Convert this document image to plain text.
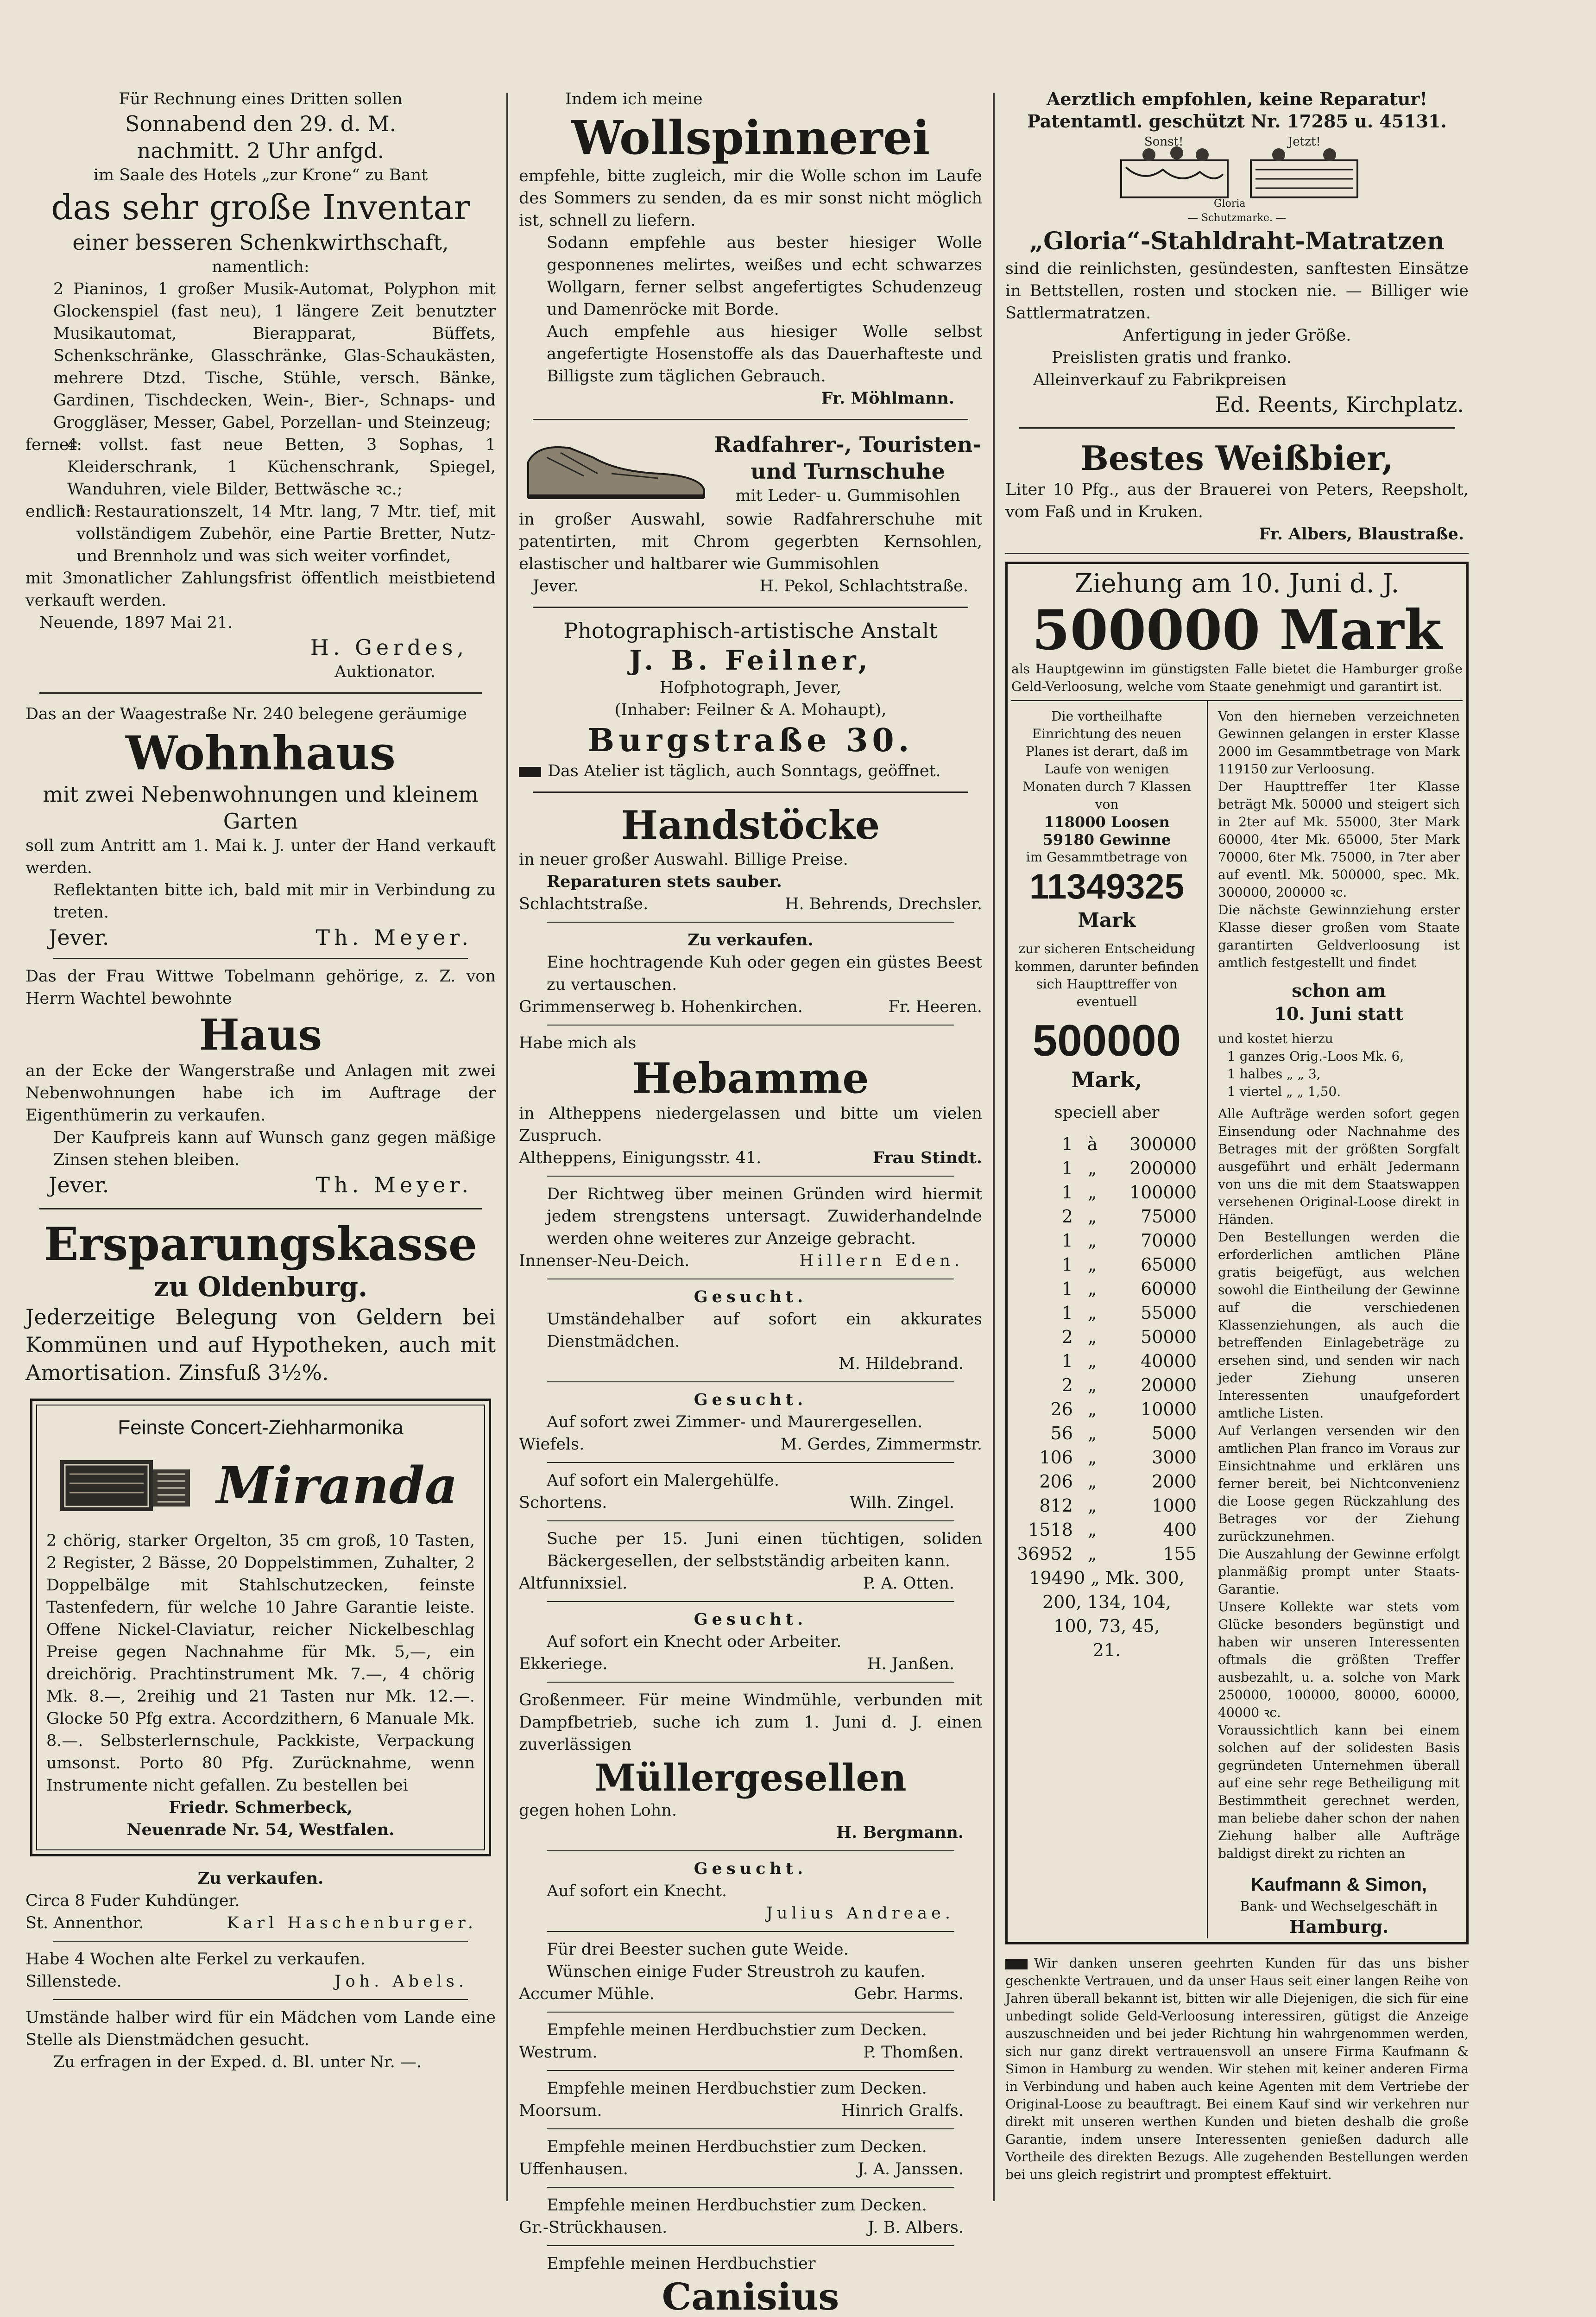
Für Rechnung eines Dritten sollen

Sonnabend den 29. d. M.

nachmitt. 2 Uhr anfgd.

im Saale des Hotels „zur Krone“ zu Bant

das sehr große Inventar

einer besseren Schenkwirthschaft,

namentlich:

2 Pianinos, 1 großer Musik-Automat, Polyphon mit Glockenspiel (fast neu), 1 längere Zeit benutzter Musikautomat, Bierapparat, Büffets, Schenkschränke, Glasschränke, Glas-Schaukästen, mehrere Dtzd. Tische, Stühle, versch. Bänke, Gardinen, Tischdecken, Wein-, Bier-, Schnaps- und Groggläser, Messer, Gabel, Porzellan- und Steinzeug;

ferner:

4 vollst. fast neue Betten, 3 Sophas, 1 Kleiderschrank, 1 Küchenschrank, Spiegel, Wanduhren, viele Bilder, Bettwäsche ꝛc.;

endlich:

1 Restaurationszelt, 14 Mtr. lang, 7 Mtr. tief, mit vollständigem Zubehör, eine Partie Bretter, Nutz- und Brennholz und was sich weiter vorfindet,

mit 3monatlicher Zahlungsfrist öffentlich meistbietend verkauft werden.

Neuende, 1897 Mai 21.

H. Gerdes,

Auktionator.

Das an der Waagestraße Nr. 240 belegene geräumige

Wohnhaus

mit zwei Nebenwohnungen und kleinem Garten

soll zum Antritt am 1. Mai k. J. unter der Hand verkauft werden.

Reflektanten bitte ich, bald mit mir in Verbindung zu treten.

Jever.	Th. Meyer.

Das der Frau Wittwe Tobelmann gehörige, z. Z. von Herrn Wachtel bewohnte

Haus

an der Ecke der Wangerstraße und Anlagen mit zwei Nebenwohnungen habe ich im Auftrage der Eigenthümerin zu verkaufen.

Der Kaufpreis kann auf Wunsch ganz gegen mäßige Zinsen stehen bleiben.

Jever.	Th. Meyer.

Ersparungskasse

zu Oldenburg.

Jederzeitige Belegung von Geldern bei Kommünen und auf Hypotheken, auch mit Amortisation. Zinsfuß 3½%.

Feinste Concert-Ziehharmonika

Miranda

2 chörig, starker Orgelton, 35 cm groß, 10 Tasten, 2 Register, 2 Bässe, 20 Doppelstimmen, Zuhalter, 2 Doppelbälge mit Stahlschutzecken, feinste Tastenfedern, für welche 10 Jahre Garantie leiste. Offene Nickel-Claviatur, reicher Nickelbeschlag Preise gegen Nachnahme für Mk. 5,—, ein dreichörig. Prachtinstrument Mk. 7.—, 4 chörig Mk. 8.—, 2reihig und 21 Tasten nur Mk. 12.—. Glocke 50 Pfg extra. Accordzithern, 6 Manuale Mk. 8.—. Selbsterlernschule, Packkiste, Verpackung umsonst. Porto 80 Pfg. Zurücknahme, wenn Instrumente nicht gefallen. Zu bestellen bei

Friedr. Schmerbeck,

Neuenrade Nr. 54, Westfalen.

Zu verkaufen.

Circa 8 Fuder Kuhdünger.

St. Annenthor.	Karl Haschenburger.

Habe 4 Wochen alte Ferkel zu verkaufen.

Sillenstede.	Joh. Abels.

Umstände halber wird für ein Mädchen vom Lande eine Stelle als Dienstmädchen gesucht.

Zu erfragen in der Exped. d. Bl. unter Nr. —.

Indem ich meine

Wollspinnerei

empfehle, bitte zugleich, mir die Wolle schon im Laufe des Sommers zu senden, da es mir sonst nicht möglich ist, schnell zu liefern.

Sodann empfehle aus bester hiesiger Wolle gesponnenes melirtes, weißes und echt schwarzes Wollgarn, ferner selbst angefertigtes Schudenzeug und Damenröcke mit Borde.

Auch empfehle aus hiesiger Wolle selbst angefertigte Hosenstoffe als das Dauerhafteste und Billigste zum täglichen Gebrauch.

Fr. Möhlmann.

Radfahrer-, Touristen-

und Turnschuhe

mit Leder- u. Gummisohlen

in großer Auswahl, sowie Radfahrerschuhe mit patentirten, mit Chrom gegerbten Kernsohlen, elastischer und haltbarer wie Gummisohlen

Jever.	H. Pekol, Schlachtstraße.

Photographisch-artistische Anstalt

J. B. Feilner,

Hofphotograph, Jever,

(Inhaber: Feilner & A. Mohaupt),

Burgstraße 30.

Das Atelier ist täglich, auch Sonntags, geöffnet.

Handstöcke

in neuer großer Auswahl. Billige Preise.

Reparaturen stets sauber.

Schlachtstraße.	H. Behrends, Drechsler.

Zu verkaufen.

Eine hochtragende Kuh oder gegen ein güstes Beest zu vertauschen.

Grimmenserweg b. Hohenkirchen.	Fr. Heeren.

Habe mich als

Hebamme

in Altheppens niedergelassen und bitte um vielen Zuspruch.

Altheppens, Einigungsstr. 41.	Frau Stindt.

Der Richtweg über meinen Gründen wird hiermit jedem strengstens untersagt. Zuwiderhandelnde werden ohne weiteres zur Anzeige gebracht.

Innenser-Neu-Deich.	Hillern Eden.

Gesucht.

Umständehalber auf sofort ein akkurates Dienstmädchen.

M. Hildebrand.

Gesucht.

Auf sofort zwei Zimmer- und Maurergesellen.

Wiefels.	M. Gerdes, Zimmermstr.

Auf sofort ein Malergehülfe.

Schortens.	Wilh. Zingel.

Suche per 15. Juni einen tüchtigen, soliden Bäckergesellen, der selbstständig arbeiten kann.

Altfunnixsiel.	P. A. Otten.

Gesucht.

Auf sofort ein Knecht oder Arbeiter.

Ekkeriege.	H. Janßen.

Großenmeer. Für meine Windmühle, verbunden mit Dampfbetrieb, suche ich zum 1. Juni d. J. einen zuverlässigen

Müllergesellen

gegen hohen Lohn.

H. Bergmann.

Gesucht.

Auf sofort ein Knecht.

Julius Andreae.

Für drei Beester suchen gute Weide.

Wünschen einige Fuder Streustroh zu kaufen.

Accumer Mühle.	Gebr. Harms.

Empfehle meinen Herdbuchstier zum Decken.

Westrum.	P. Thomßen.

Empfehle meinen Herdbuchstier zum Decken.

Moorsum.	Hinrich Gralfs.

Empfehle meinen Herdbuchstier zum Decken.

Uffenhausen.	J. A. Janssen.

Empfehle meinen Herdbuchstier zum Decken.

Gr.-Strückhausen.	J. B. Albers.

Empfehle meinen Herdbuchstier

Canisius

Aerztlich empfohlen, keine Reparatur!

Patentamtl. geschützt Nr. 17285 u. 45131.

Sonst!	Jetzt!
Gloria

— Schutzmarke. —

„Gloria“-Stahldraht-Matratzen

sind die reinlichsten, gesündesten, sanftesten Einsätze in Bettstellen, rosten und stocken nie. — Billiger wie Sattlermatratzen.

Anfertigung in jeder Größe.

Preislisten gratis und franko.

Alleinverkauf zu Fabrikpreisen

Ed. Reents, Kirchplatz.

Bestes Weißbier,

Liter 10 Pfg., aus der Brauerei von Peters, Reepsholt, vom Faß und in Kruken.

Fr. Albers, Blaustraße.

Ziehung am 10. Juni d. J.

500000 Mark

als Hauptgewinn im günstigsten Falle bietet die Hamburger große Geld-Verloosung, welche vom Staate genehmigt und garantirt ist.

Die vortheilhafte Einrichtung des neuen Planes ist derart, daß im Laufe von wenigen Monaten durch 7 Klassen von

118000 Loosen

59180 Gewinne

im Gesammtbetrage von

11349325

Mark

zur sicheren Entscheidung kommen, darunter befinden sich Haupttreffer von eventuell

500000

Mark,

speciell aber

1	à	300000
1	„	200000
1	„	100000
2	„	75000
1	„	70000
1	„	65000
1	„	60000
1	„	55000
2	„	50000
1	„	40000
2	„	20000
26	„	10000
56	„	5000
106	„	3000
206	„	2000
812	„	1000
1518	„	400
36952	„	155

19490 „ Mk. 300,

200, 134, 104,

100, 73, 45,

21.

Von den hierneben verzeichneten Gewinnen gelangen in erster Klasse 2000 im Gesammtbetrage von Mark 119150 zur Verloosung.

Der Haupttreffer 1ter Klasse beträgt Mk. 50000 und steigert sich in 2ter auf Mk. 55000, 3ter Mark 60000, 4ter Mk. 65000, 5ter Mark 70000, 6ter Mk. 75000, in 7ter aber auf eventl. Mk. 500000, spec. Mk. 300000, 200000 ꝛc.

Die nächste Gewinnziehung erster Klasse dieser großen vom Staate garantirten Geldverloosung ist amtlich festgestellt und findet

schon am

10. Juni statt

und kostet hierzu

1 ganzes Orig.-Loos Mk. 6,

1 halbes „ „ 3,

1 viertel „ „ 1,50.

Alle Aufträge werden sofort gegen Einsendung oder Nachnahme des Betrages mit der größten Sorgfalt ausgeführt und erhält Jedermann von uns die mit dem Staatswappen versehenen Original-Loose direkt in Händen.

Den Bestellungen werden die erforderlichen amtlichen Pläne gratis beigefügt, aus welchen sowohl die Eintheilung der Gewinne auf die verschiedenen Klassenziehungen, als auch die betreffenden Einlagebeträge zu ersehen sind, und senden wir nach jeder Ziehung unseren Interessenten unaufgefordert amtliche Listen.

Auf Verlangen versenden wir den amtlichen Plan franco im Voraus zur Einsichtnahme und erklären uns ferner bereit, bei Nichtconvenienz die Loose gegen Rückzahlung des Betrages vor der Ziehung zurückzunehmen.

Die Auszahlung der Gewinne erfolgt planmäßig prompt unter Staats-Garantie.

Unsere Kollekte war stets vom Glücke besonders begünstigt und haben wir unseren Interessenten oftmals die größten Treffer ausbezahlt, u. a. solche von Mark 250000, 100000, 80000, 60000, 40000 ꝛc.

Voraussichtlich kann bei einem solchen auf der solidesten Basis gegründeten Unternehmen überall auf eine sehr rege Betheiligung mit Bestimmtheit gerechnet werden, man beliebe daher schon der nahen Ziehung halber alle Aufträge baldigst direkt zu richten an

Kaufmann & Simon,

Bank- und Wechselgeschäft in

Hamburg.

Wir danken unseren geehrten Kunden für das uns bisher geschenkte Vertrauen, und da unser Haus seit einer langen Reihe von Jahren überall bekannt ist, bitten wir alle Diejenigen, die sich für eine unbedingt solide Geld-Verloosung interessiren, gütigst die Anzeige auszuschneiden und bei jeder Richtung hin wahrgenommen werden, sich nur ganz direkt vertrauensvoll an unsere Firma Kaufmann & Simon in Hamburg zu wenden. Wir stehen mit keiner anderen Firma in Verbindung und haben auch keine Agenten mit dem Vertriebe der Original-Loose zu beauftragt. Bei einem Kauf sind wir verkehren nur direkt mit unseren werthen Kunden und bieten deshalb die große Garantie, indem unsere Interessenten genießen dadurch alle Vortheile des direkten Bezugs. Alle zugehenden Bestellungen werden bei uns gleich registrirt und promptest effektuirt.
